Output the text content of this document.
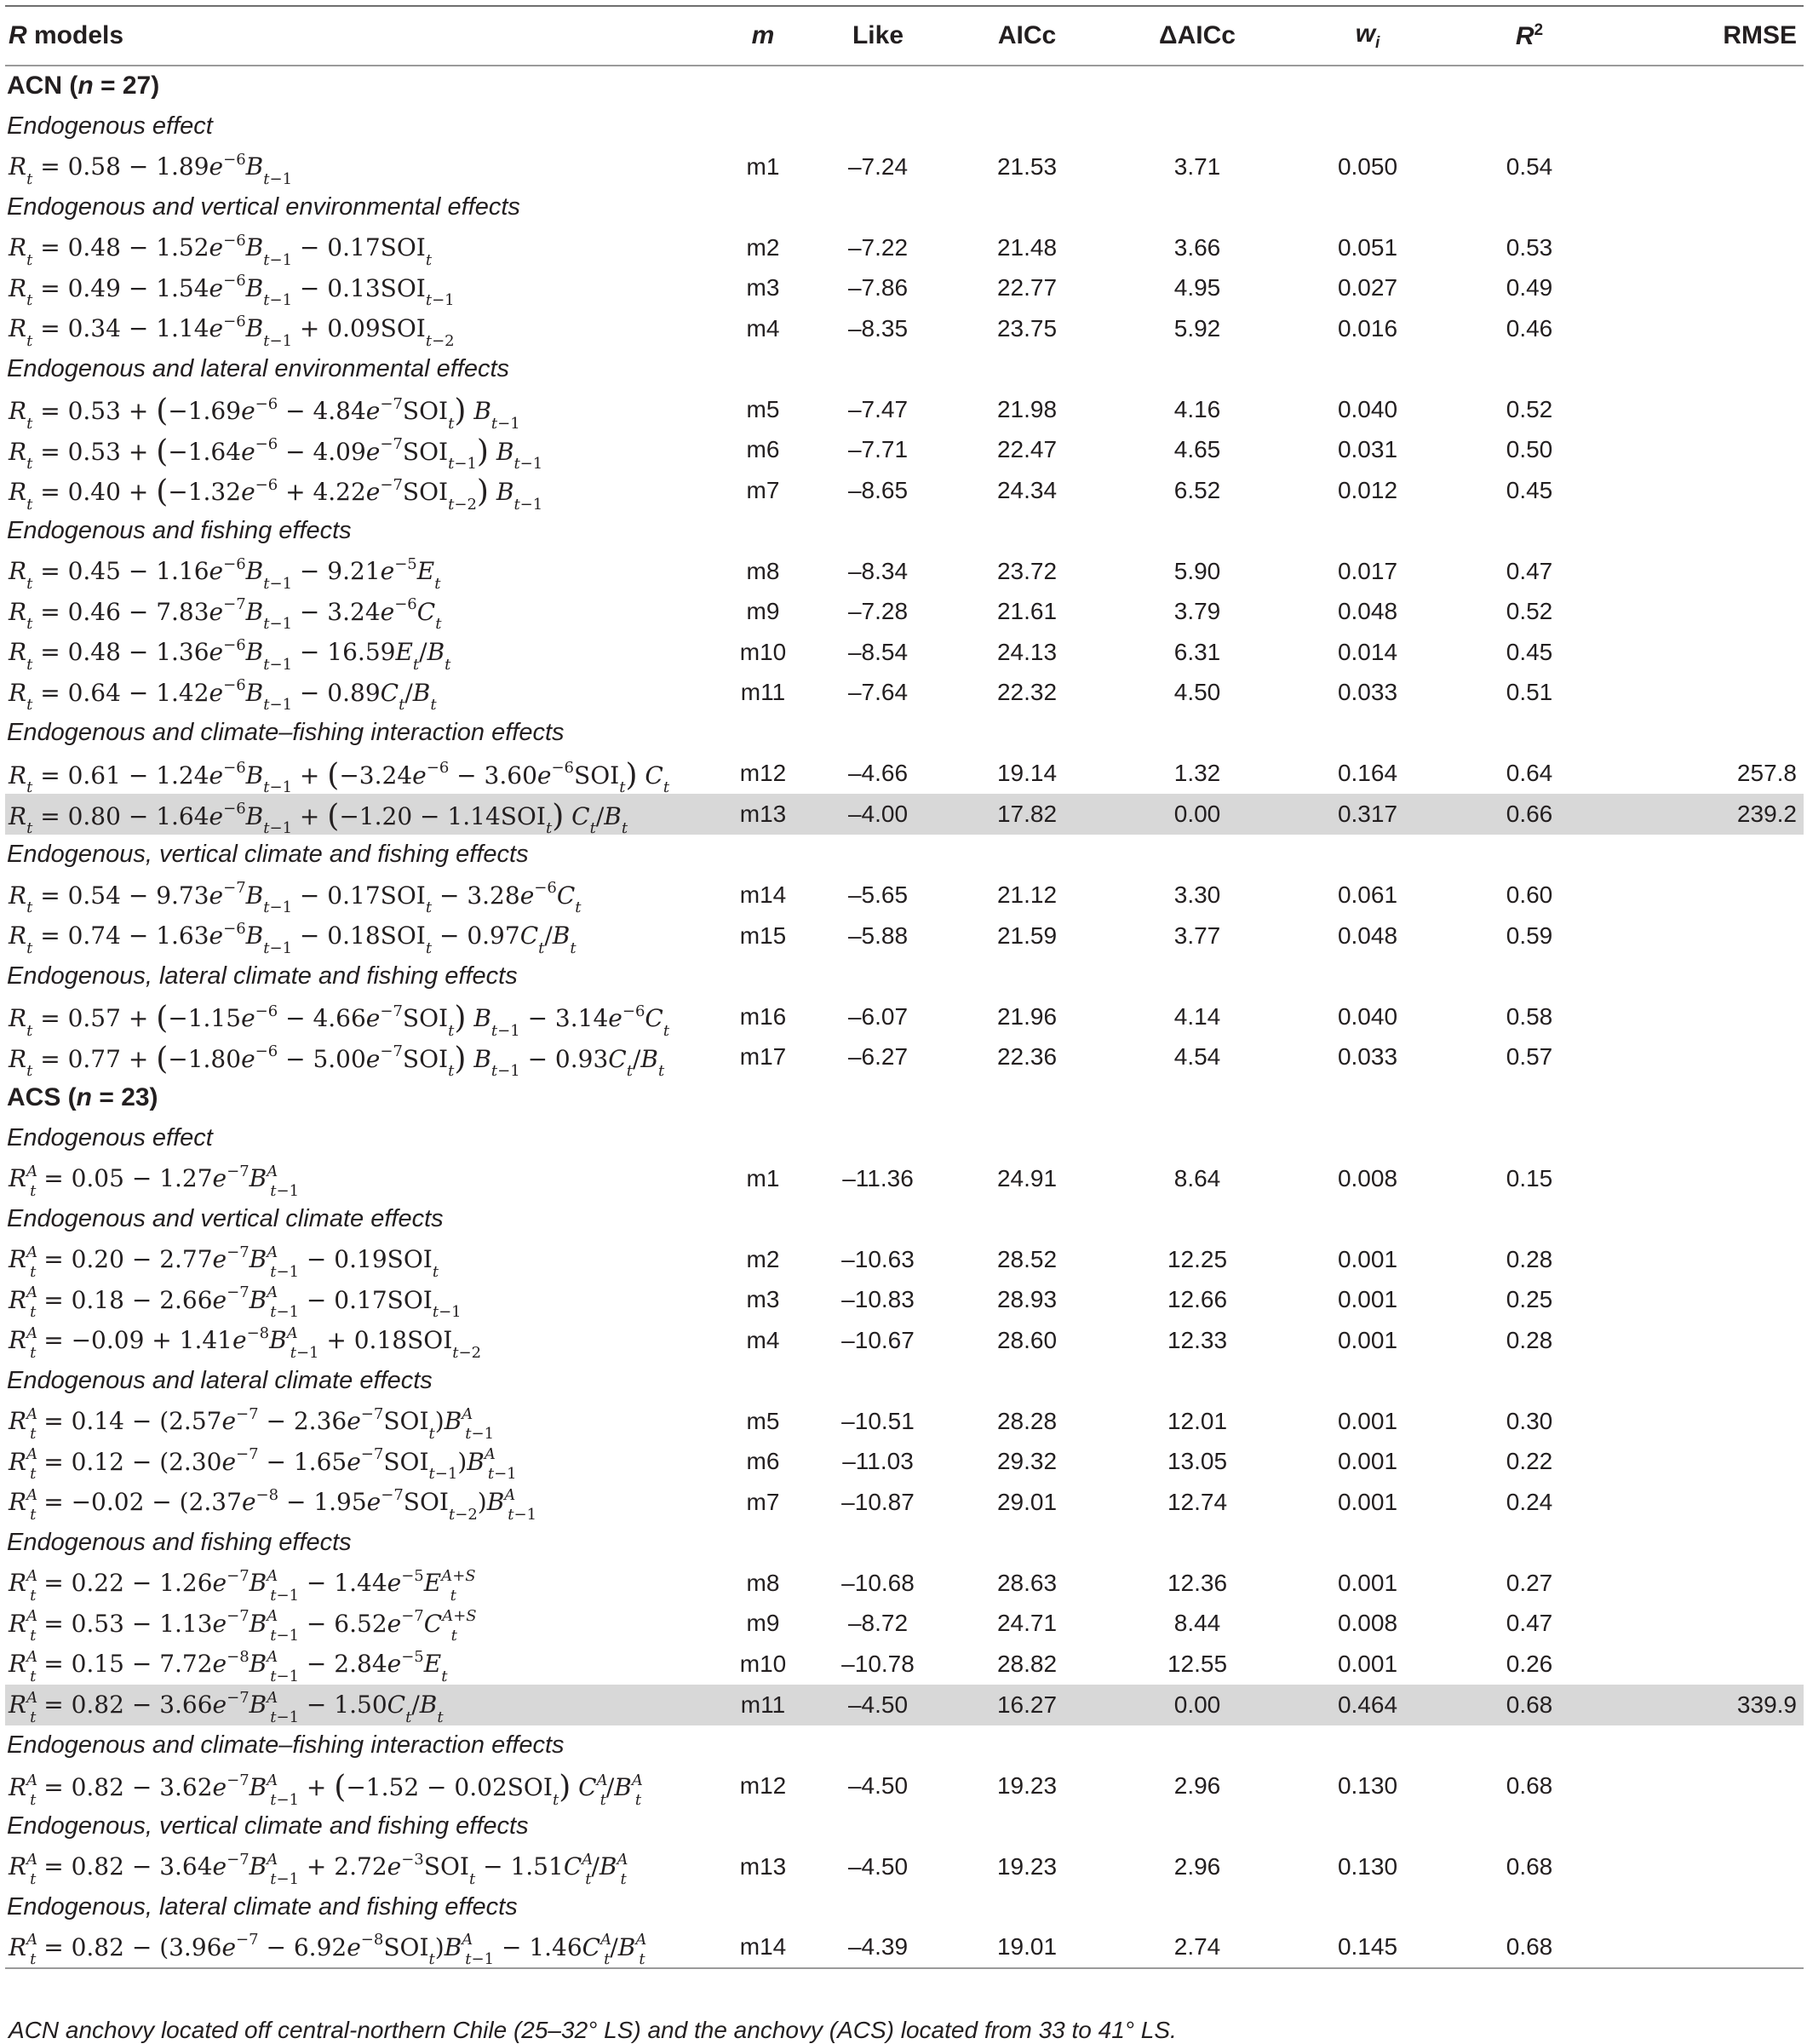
R models	m	Like	AICc	ΔAICc	$w_i$	$R^2$	RMSE
ACN (n = 27)							
Endogenous effect							
$R_t = 0.58 - 1.89e^{-6}B_{t-1}$	m1	–7.24	21.53	3.71	0.050	0.54	
Endogenous and vertical environmental effects							
$R_t = 0.48 - 1.52e^{-6}B_{t-1} - 0.17SOI_t$	m2	–7.22	21.48	3.66	0.051	0.53	
$R_t = 0.49 - 1.54e^{-6}B_{t-1} - 0.13SOI_{t-1}$	m3	–7.86	22.77	4.95	0.027	0.49	
$R_t = 0.34 - 1.14e^{-6}B_{t-1} + 0.09SOI_{t-2}$	m4	–8.35	23.75	5.92	0.016	0.46	
Endogenous and lateral environmental effects							
$R_t = 0.53 + (-1.69e^{-6} - 4.84e^{-7}SOI_t)$ $B_{t-1}$	m5	–7.47	21.98	4.16	0.040	0.52	
$R_t = 0.53 + (-1.64e^{-6} - 4.09e^{-7}SOI_{t-1})$ $B_{t-1}$	m6	–7.71	22.47	4.65	0.031	0.50	
$R_t = 0.40 + (-1.32e^{-6} + 4.22e^{-7}SOI_{t-2})$ $B_{t-1}$	m7	–8.65	24.34	6.52	0.012	0.45	
Endogenous and fishing effects							
$R_t = 0.45 - 1.16e^{-6}B_{t-1} - 9.21e^{-5}E_t$	m8	–8.34	23.72	5.90	0.017	0.47	
$R_t = 0.46 - 7.83e^{-7}B_{t-1} - 3.24e^{-6}C_t$	m9	–7.28	21.61	3.79	0.048	0.52	
$R_t = 0.48 - 1.36e^{-6}B_{t-1} - 16.59E_t/B_t$	m10	–8.54	24.13	6.31	0.014	0.45	
$R_t = 0.64 - 1.42e^{-6}B_{t-1} - 0.89C_t/B_t$	m11	–7.64	22.32	4.50	0.033	0.51	
Endogenous and climate–fishing interaction effects							
$R_t = 0.61 - 1.24e^{-6}B_{t-1} + (-3.24e^{-6} - 3.60e^{-6}SOI_t)$ $C_t$	m12	–4.66	19.14	1.32	0.164	0.64	257.8
$R_t = 0.80 - 1.64e^{-6}B_{t-1} + (-1.20 - 1.14SOI_t)$ $C_t/B_t$	m13	–4.00	17.82	0.00	0.317	0.66	239.2
Endogenous, vertical climate and fishing effects							
$R_t = 0.54 - 9.73e^{-7}B_{t-1} - 0.17SOI_t - 3.28e^{-6}C_t$	m14	–5.65	21.12	3.30	0.061	0.60	
$R_t = 0.74 - 1.63e^{-6}B_{t-1} - 0.18SOI_t - 0.97C_t/B_t$	m15	–5.88	21.59	3.77	0.048	0.59	
Endogenous, lateral climate and fishing effects							
$R_t = 0.57 + (-1.15e^{-6} - 4.66e^{-7}SOI_t) B_{t-1} - 3.14e^{-6}C_t$	m16	–6.07	21.96	4.14	0.040	0.58	
$R_t = 0.77 + (-1.80e^{-6} - 5.00e^{-7}SOI_t) B_{t-1} - 0.93C_t/B_t$	m17	–6.27	22.36	4.54	0.033	0.57	
ACS (n = 23)							
Endogenous effect							
$R^A_t = 0.05 - 1.27e^{-7}B^A_{t-1}$	m1	–11.36	24.91	8.64	0.008	0.15	
Endogenous and vertical climate effects							
$R^A_t = 0.20 - 2.77e^{-7}B^A_{t-1} - 0.19SOI_t$	m2	–10.63	28.52	12.25	0.001	0.28	
$R^A_t = 0.18 - 2.66e^{-7}B^A_{t-1} - 0.17SOI_{t-1}$	m3	–10.83	28.93	12.66	0.001	0.25	
$R^A_t = -0.09 + 1.41e^{-8}B^A_{t-1} + 0.18SOI_{t-2}$	m4	–10.67	28.60	12.33	0.001	0.28	
Endogenous and lateral climate effects							
$R^A_t = 0.14 - (2.57e^{-7} - 2.36e^{-7}SOI_t)B^A_{t-1}$	m5	–10.51	28.28	12.01	0.001	0.30	
$R^A_t = 0.12 - (2.30e^{-7} - 1.65e^{-7}SOI_{t-1})B^A_{t-1}$	m6	–11.03	29.32	13.05	0.001	0.22	
$R^A_t = -0.02 - (2.37e^{-8} - 1.95e^{-7}SOI_{t-2})B^A_{t-1}$	m7	–10.87	29.01	12.74	0.001	0.24	
Endogenous and fishing effects							
$R^A_t = 0.22 - 1.26e^{-7}B^A_{t-1} - 1.44e^{-5}E^{A+S}_t$	m8	–10.68	28.63	12.36	0.001	0.27	
$R^A_t = 0.53 - 1.13e^{-7}B^A_{t-1} - 6.52e^{-7}C^{A+S}_t$	m9	–8.72	24.71	8.44	0.008	0.47	
$R^A_t = 0.15 - 7.72e^{-8}B^A_{t-1} - 2.84e^{-5}E_t$	m10	–10.78	28.82	12.55	0.001	0.26	
$R^A_t = 0.82 - 3.66e^{-7}B^A_{t-1} - 1.50C_t/B_t$	m11	–4.50	16.27	0.00	0.464	0.68	339.9
Endogenous and climate–fishing interaction effects							
$R^A_t = 0.82 - 3.62e^{-7}B^A_{t-1} + (-1.52 - 0.02SOI_t)$ $C^A_t/B^A_t$	m12	–4.50	19.23	2.96	0.130	0.68	
Endogenous, vertical climate and fishing effects							
$R^A_t = 0.82 - 3.64e^{-7}B^A_{t-1} + 2.72e^{-3}SOI_t - 1.51C^A_t/B^A_t$	m13	–4.50	19.23	2.96	0.130	0.68	
Endogenous, lateral climate and fishing effects							
$R^A_t = 0.82 - (3.96e^{-7} - 6.92e^{-8}SOI_t)B^A_{t-1} - 1.46C^A_t/B^A_t$	m14	–4.39	19.01	2.74	0.145	0.68	

ACN anchovy located off central-northern Chile (25–32° LS) and the anchovy (ACS) located from 33 to 41° LS.							
